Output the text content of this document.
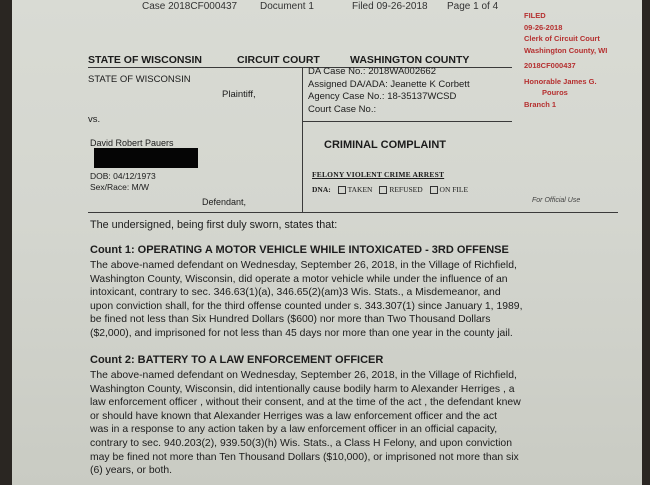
Case 2018CF000437 Document 1	Filed 09-26-2018 Page 1 of 4
FILED
09-26-2018
Clerk of Circuit Court
Washington County, WI
2018CF000437
Honorable James G.
Pouros
Branch 1
STATE OF WISCONSIN	CIRCUIT COURT	WASHINGTON COUNTY
STATE OF WISCONSIN
Plaintiff,
DA Case No.: 2018WA002662
Assigned DA/ADA: Jeanette K Corbett
Agency Case No.: 18-35137WCSD
Court Case No.:
vs.
David Robert Pauers
DOB: 04/12/1973
Sex/Race: M/W
Defendant,
CRIMINAL COMPLAINT
FELONY VIOLENT CRIME ARREST
DNA: TAKEN REFUSED ON FILE
For Official Use
The undersigned, being first duly sworn, states that:
Count 1: OPERATING A MOTOR VEHICLE WHILE INTOXICATED - 3RD OFFENSE
The above-named defendant on Wednesday, September 26, 2018, in the Village of Richfield,
Washington County, Wisconsin, did operate a motor vehicle while under the influence of an
intoxicant, contrary to sec. 346.63(1)(a), 346.65(2)(am)3 Wis. Stats., a Misdemeanor, and
upon conviction shall, for the third offense counted under s. 343.307(1) since January 1, 1989,
be fined not less than Six Hundred Dollars ($600) nor more than Two Thousand Dollars
($2,000), and imprisoned for not less than 45 days nor more than one year in the county jail.
Count 2: BATTERY TO A LAW ENFORCEMENT OFFICER
The above-named defendant on Wednesday, September 26, 2018, in the Village of Richfield,
Washington County, Wisconsin, did intentionally cause bodily harm to Alexander Herriges , a
law enforcement officer , without their consent, and at the time of the act , the defendant knew
or should have known that Alexander Herriges was a law enforcement officer and the act
was in a response to any action taken by a law enforcement officer in an official capacity,
contrary to sec. 940.203(2), 939.50(3)(h) Wis. Stats., a Class H Felony, and upon conviction
may be fined not more than Ten Thousand Dollars ($10,000), or imprisoned not more than six
(6) years, or both.
